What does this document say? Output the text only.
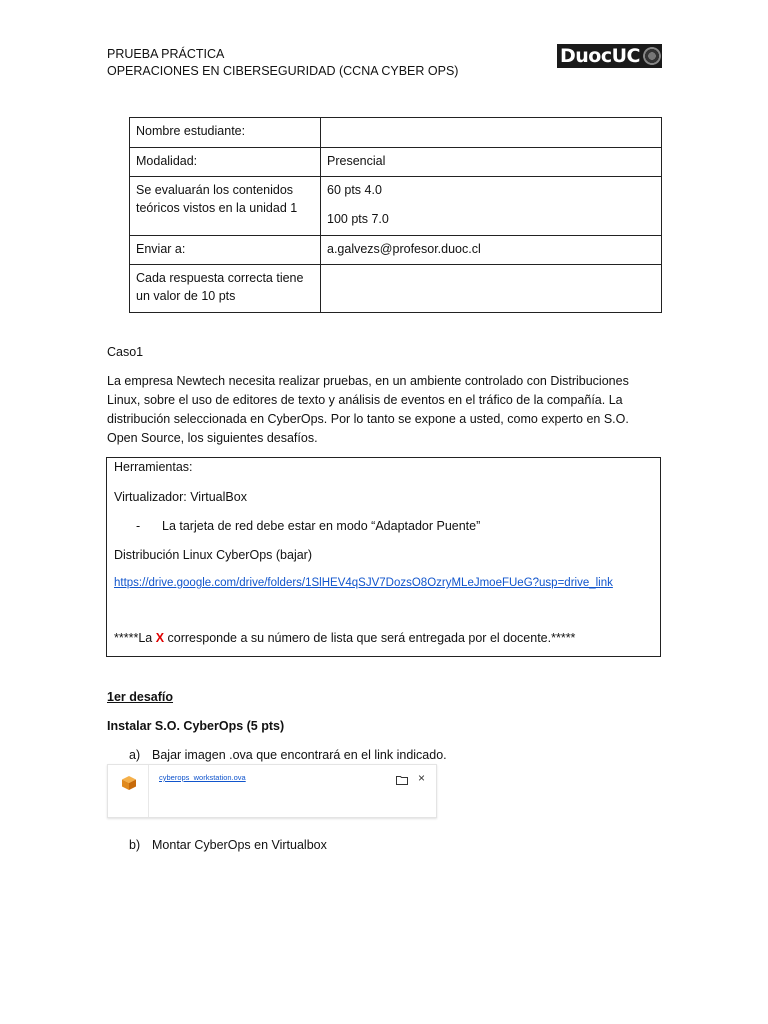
PRUEBA PRÁCTICA
OPERACIONES EN CIBERSEGURIDAD (CCNA CYBER OPS)
DuocUC
Nombre estudiante:	
Modalidad:	Presencial
Se evaluarán los contenidos teóricos vistos en la unidad 1	60 pts 4.0
100 pts 7.0

Enviar a:	a.galvezs@profesor.duoc.cl
Cada respuesta correcta tiene un valor de 10 pts	
Caso1
La empresa Newtech necesita realizar pruebas, en un ambiente controlado con Distribuciones Linux, sobre el uso de editores de texto y análisis de eventos en el tráfico de la compañía. La distribución seleccionada en CyberOps. Por lo tanto se expone a usted, como experto en S.O. Open Source, los siguientes desafíos.
Herramientas:
Virtualizador: VirtualBox
- La tarjeta de red debe estar en modo “Adaptador Puente”
Distribución Linux CyberOps (bajar)
https://drive.google.com/drive/folders/1SlHEV4qSJV7DozsO8OzryMLeJmoeFUeG?usp=drive_link
*****La X corresponde a su número de lista que será entregada por el docente.*****
1er desafío
Instalar S.O. CyberOps (5 pts)
a) Bajar imagen .ova que encontrará en el link indicado.
cyberops_workstation.ova	×
b) Montar CyberOps en Virtualbox
